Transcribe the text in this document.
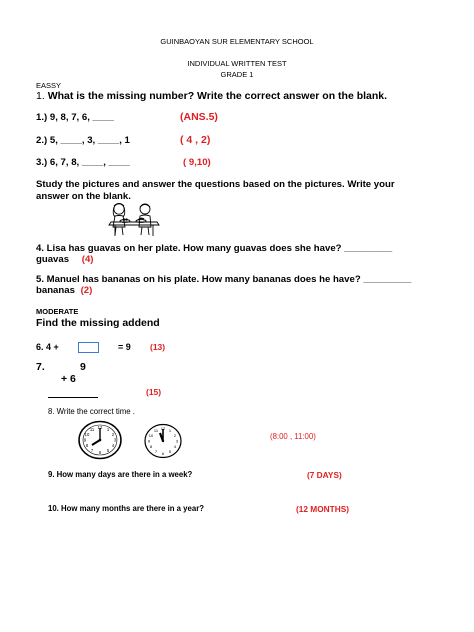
GUINBAOYAN SUR ELEMENTARY SCHOOL
INDIVIDUAL WRITTEN TEST
GRADE 1
EASSY
1. What is the missing number? Write the correct answer on the blank.
1.) 9, 8, 7, 6, ____	(ANS.5)
2.) 5, ____, 3, ____, 1	( 4 , 2)
3.) 6, 7, 8, ____, ____	( 9,10)
Study the pictures and answer the questions based on the pictures. Write your
answer on the blank.
4. Lisa has guavas on her plate. How many guavas does she have? _________
guavas (4)
5. Manuel has bananas on his plate. How many bananas does he have? _________
bananas (2)
MODERATE
Find the missing addend
6. 4 +	= 9 (13)
7.	9
+ 6
(15)
8. Write the correct time .
12 1
2
3
4
5
6
7
8
9
10
11	12 1
2
3
4
5
6
7
8
9
10
11
(8:00 , 11:00)
9. How many days are there in a week?	(7 DAYS)
10. How many months are there in a year?	(12 MONTHS)
